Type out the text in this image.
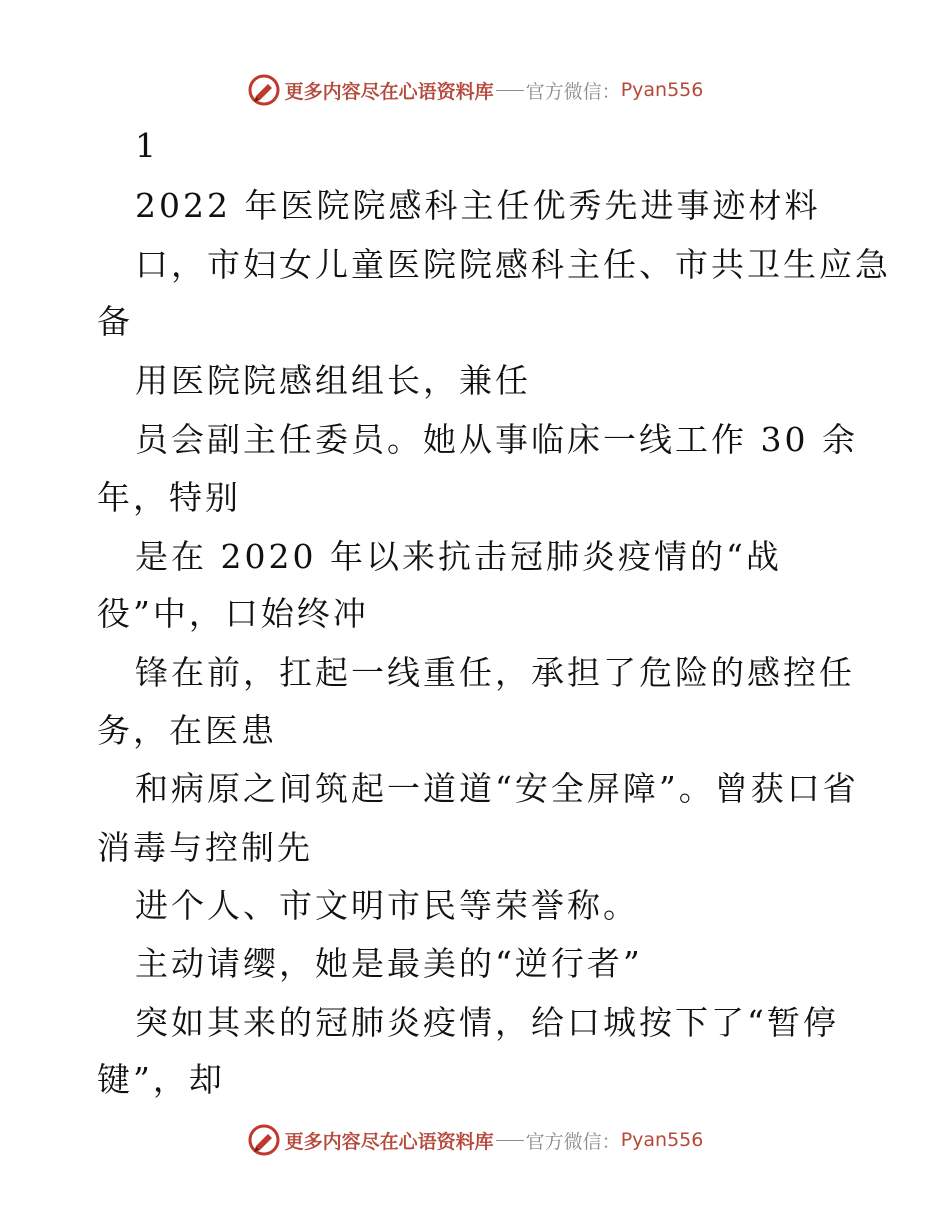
更多内容尽在心语资料库 官方微信： Pyan556
1
2022 年医院院感科主任优秀先进事迹材料
口，市妇女儿童医院院感科主任、市共卫生应急
备
用医院院感组组长，兼任
员会副主任委员。她从事临床一线工作 30 余
年，特别
是在 2020 年以来抗击冠肺炎疫情的“战
役”中，口始终冲
锋在前，扛起一线重任，承担了危险的感控任
务，在医患
和病原之间筑起一道道“安全屏障”。曾获口省
消毒与控制先
进个人、市文明市民等荣誉称。
主动请缨，她是最美的“逆行者”
突如其来的冠肺炎疫情，给口城按下了“暂停
键”，却
更多内容尽在心语资料库 官方微信： Pyan556
